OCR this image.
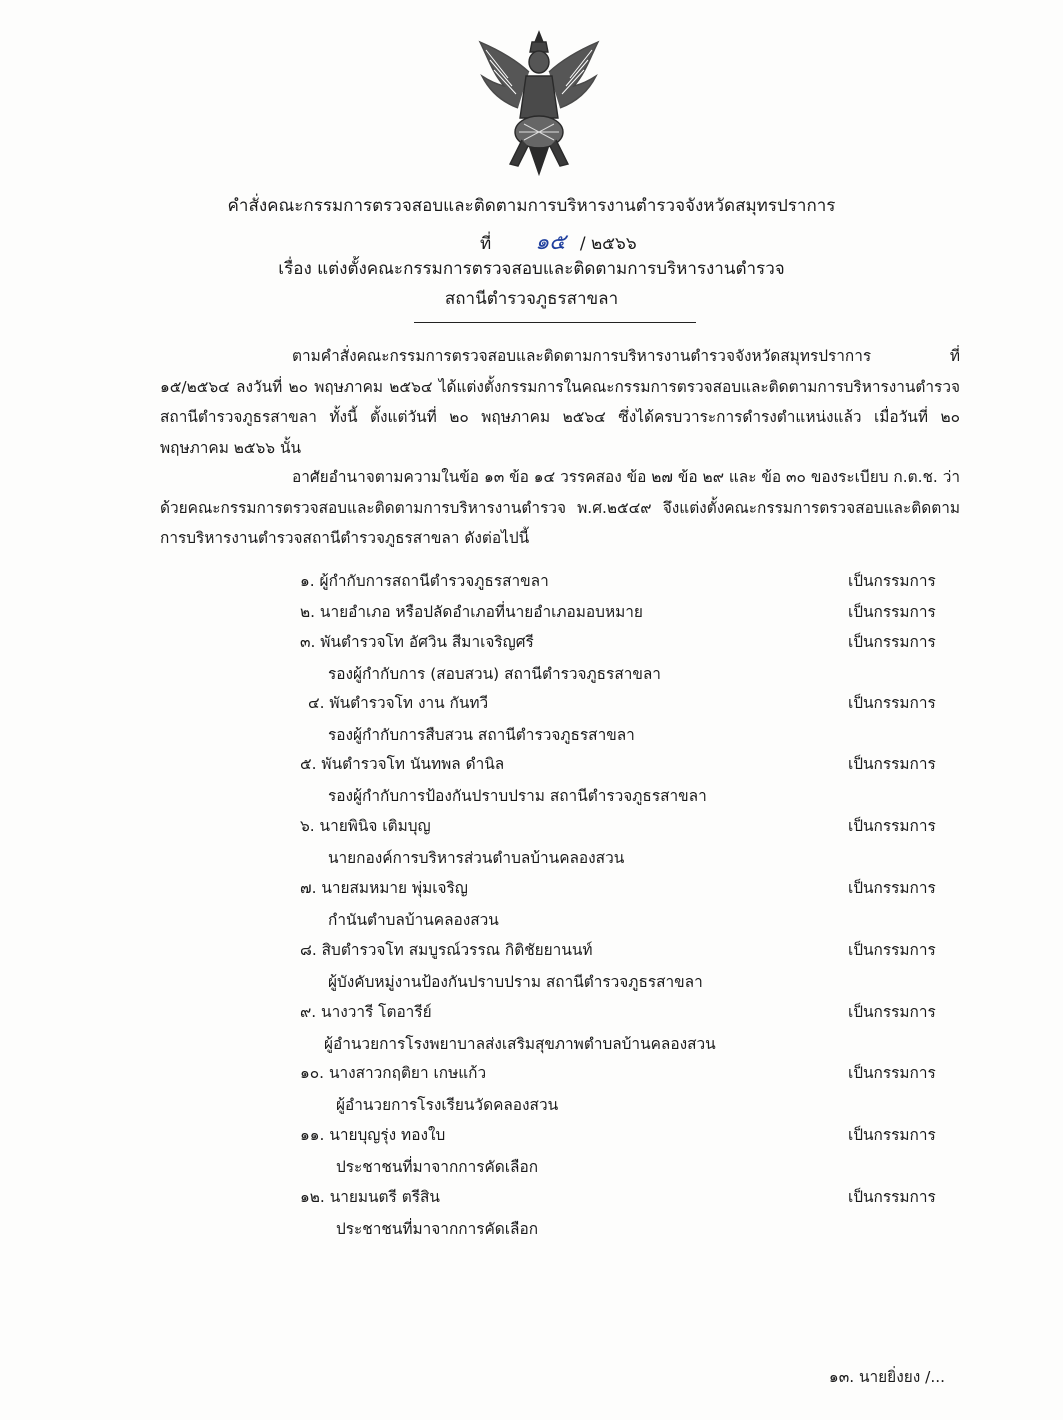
คำสั่งคณะกรรมการตรวจสอบและติดตามการบริหารงานตำรวจจังหวัดสมุทรปราการ
ที่ ๑๕ / ๒๕๖๖
เรื่อง แต่งตั้งคณะกรรมการตรวจสอบและติดตามการบริหารงานตำรวจ
สถานีตำรวจภูธรสาขลา
ตามคำสั่งคณะกรรมการตรวจสอบและติดตามการบริหารงานตำรวจจังหวัดสมุทรปราการ ที่ ๑๕/๒๕๖๔ ลงวันที่ ๒๐ พฤษภาคม ๒๕๖๔ ได้แต่งตั้งกรรมการในคณะกรรมการตรวจสอบและติดตามการบริหารงานตำรวจสถานีตำรวจภูธรสาขลา ทั้งนี้ ตั้งแต่วันที่ ๒๐ พฤษภาคม ๒๕๖๔ ซึ่งได้ครบวาระการดำรงตำแหน่งแล้ว เมื่อวันที่ ๒๐ พฤษภาคม ๒๕๖๖ นั้น
อาศัยอำนาจตามความในข้อ ๑๓ ข้อ ๑๔ วรรคสอง ข้อ ๒๗ ข้อ ๒๙ และ ข้อ ๓๐ ของระเบียบ ก.ต.ช. ว่าด้วยคณะกรรมการตรวจสอบและติดตามการบริหารงานตำรวจ พ.ศ.๒๕๔๙ จึงแต่งตั้งคณะกรรมการตรวจสอบและติดตามการบริหารงานตำรวจสถานีตำรวจภูธรสาขลา ดังต่อไปนี้
๑. ผู้กำกับการสถานีตำรวจภูธรสาขลา	เป็นกรรมการ
๒. นายอำเภอ หรือปลัดอำเภอที่นายอำเภอมอบหมาย	เป็นกรรมการ
๓. พันตำรวจโท อัศวิน สีมาเจริญศรี	เป็นกรรมการ
รองผู้กำกับการ (สอบสวน) สถานีตำรวจภูธรสาขลา
๔. พันตำรวจโท งาน กันทวี	เป็นกรรมการ
รองผู้กำกับการสืบสวน สถานีตำรวจภูธรสาขลา
๕. พันตำรวจโท นันทพล ดำนิล	เป็นกรรมการ
รองผู้กำกับการป้องกันปราบปราม สถานีตำรวจภูธรสาขลา
๖. นายพินิจ เติมบุญ	เป็นกรรมการ
นายกองค์การบริหารส่วนตำบลบ้านคลองสวน
๗. นายสมหมาย พุ่มเจริญ	เป็นกรรมการ
กำนันตำบลบ้านคลองสวน
๘. สิบตำรวจโท สมบูรณ์วรรณ กิติชัยยานนท์	เป็นกรรมการ
ผู้บังคับหมู่งานป้องกันปราบปราม สถานีตำรวจภูธรสาขลา
๙. นางวารี โตอารีย์	เป็นกรรมการ
ผู้อำนวยการโรงพยาบาลส่งเสริมสุขภาพตำบลบ้านคลองสวน
๑๐. นางสาวกฤติยา เกษแก้ว	เป็นกรรมการ
ผู้อำนวยการโรงเรียนวัดคลองสวน
๑๑. นายบุญรุ่ง ทองใบ	เป็นกรรมการ
ประชาชนที่มาจากการคัดเลือก
๑๒. นายมนตรี ตรีสิน	เป็นกรรมการ
ประชาชนที่มาจากการคัดเลือก
๑๓. นายยิ่งยง /...
